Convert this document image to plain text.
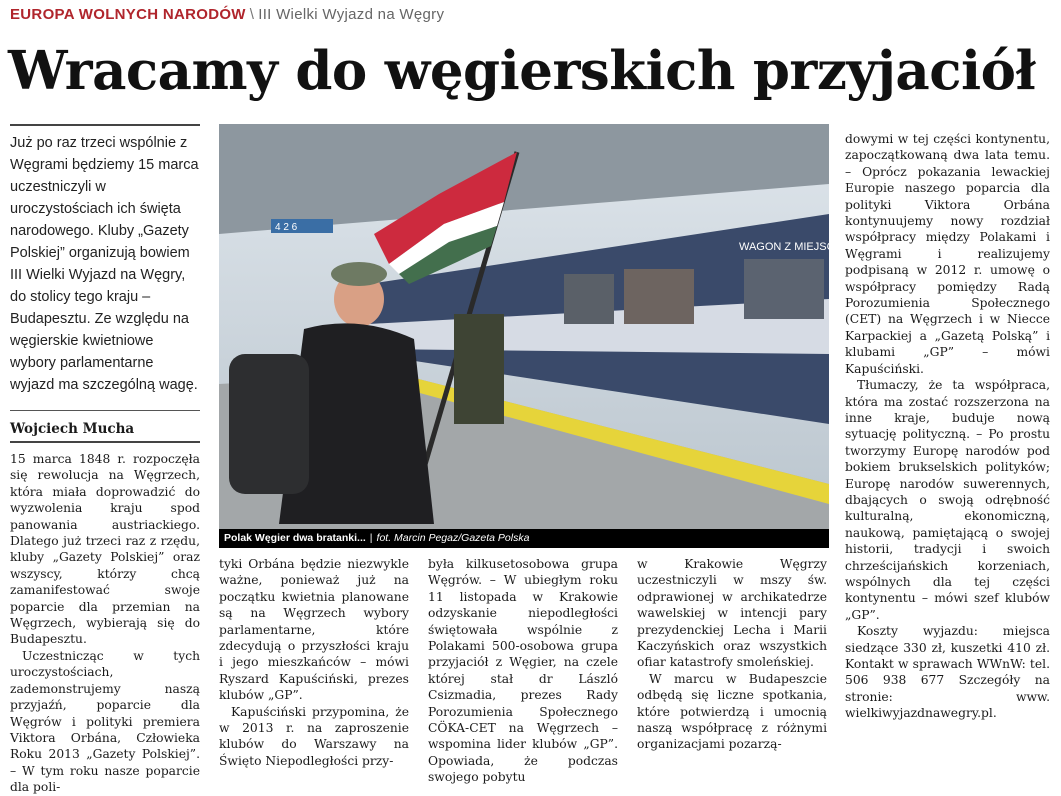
EUROPA WOLNYCH NARODÓW \ III Wielki Wyjazd na Węgry
Wracamy do węgierskich przyjaciół

Już po raz trzeci wspólnie z Węgrami będziemy 15 marca uczestniczyli w uroczystościach ich święta narodowego. Kluby „Gazety Polskiej” organizują bowiem III Wielki Wyjazd na Węgry, do stolicy tego kraju – Budapesztu. Ze względu na węgierskie kwietniowe wybory parlamentarne wyjazd ma szczególną wagę.

Wojciech Mucha

15 marca 1848 r. rozpoczęła się rewolucja na Węgrzech, która miała doprowadzić do wyzwolenia kraju spod panowania austriackiego. Dlatego już trzeci raz z rzędu, kluby „Gazety Polskiej” oraz wszyscy, którzy chcą zamanifestować swoje poparcie dla przemian na Węgrzech, wybierają się do Budapesztu.

Uczestnicząc w tych uroczystościach, zademonstrujemy naszą przyjaźń, poparcie dla Węgrów i polityki premiera Viktora Orbána, Człowieka Roku 2013 „Gazety Polskiej”. – W tym roku nasze poparcie dla poli-

4 2 6
WAGON Z MIEJSCAMI
Polak Węgier dwa bratanki... | fot. Marcin Pegaz/Gazeta Polska

tyki Orbána będzie niezwykle ważne, ponieważ już na początku kwietnia planowane są na Węgrzech wybory parlamentarne, które zdecydują o przyszłości kraju i jego mieszkańców – mówi Ryszard Kapuściński, prezes klubów „GP”.

Kapuściński przypomina, że w 2013 r. na zaproszenie klubów do Warszawy na Święto Niepodległości przy-

była kilkusetosobowa grupa Węgrów. – W ubiegłym roku 11 listopada w Krakowie odzyskanie niepodległości świętowała wspólnie z Polakami 500-osobowa grupa przyjaciół z Węgier, na czele której stał dr László Csizmadia, prezes Rady Porozumienia Społecznego CÖKA-CET na Węgrzech – wspomina lider klubów „GP”. Opowiada, że podczas swojego pobytu

w Krakowie Węgrzy uczestniczyli w mszy św. odprawionej w archikatedrze wawelskiej w intencji pary prezydenckiej Lecha i Marii Kaczyńskich oraz wszystkich ofiar katastrofy smoleńskiej.

W marcu w Budapeszcie odbędą się liczne spotkania, które potwierdzą i umocnią naszą współpracę z różnymi organizacjami pozarzą-

dowymi w tej części kontynentu, zapoczątkowaną dwa lata temu. – Oprócz pokazania lewackiej Europie naszego poparcia dla polityki Viktora Orbána kontynuujemy nowy rozdział współpracy między Polakami i Węgrami i realizujemy podpisaną w 2012 r. umowę o współpracy pomiędzy Radą Porozumienia Społecznego (CET) na Węgrzech i w Niecce Karpackiej a „Gazetą Polską” i klubami „GP” – mówi Kapuściński.

Tłumaczy, że ta współpraca, która ma zostać rozszerzona na inne kraje, buduje nową sytuację polityczną. – Po prostu tworzymy Europę narodów pod bokiem brukselskich polityków; Europę narodów suwerennych, dbających o swoją odrębność kulturalną, ekonomiczną, naukową, pamiętającą o swojej historii, tradycji i swoich chrześcijańskich korzeniach, wspólnych dla tej części kontynentu – mówi szef klubów „GP”.

Koszty wyjazdu: miejsca siedzące 330 zł, kuszetki 410 zł. Kontakt w sprawach WWnW: tel. 506 938 677 Szczegóły na stronie: www. wielkiwyjazdnawegry.pl.
